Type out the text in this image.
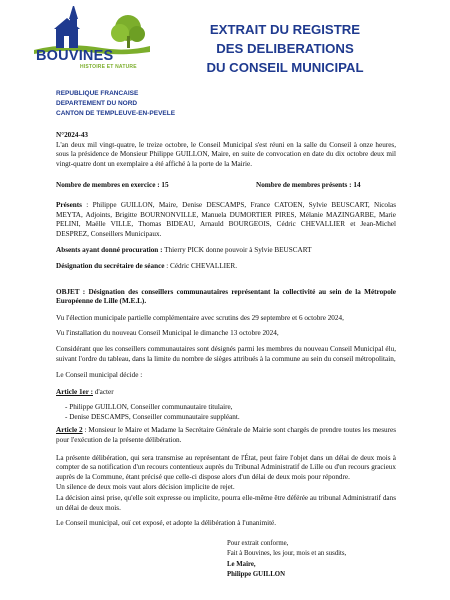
BOUVINES
HISTOIRE ET NATURE
EXTRAIT DU REGISTRE
DES DELIBERATIONS
DU CONSEIL MUNICIPAL
REPUBLIQUE FRANCAISE
DEPARTEMENT DU NORD
CANTON DE TEMPLEUVE-EN-PEVELE

N°2024-43

L'an deux mil vingt-quatre, le treize octobre, le Conseil Municipal s'est réuni en la salle du Conseil à onze heures, sous la présidence de Monsieur Philippe GUILLON, Maire, en suite de convocation en date du dix octobre deux mil vingt-quatre dont un exemplaire a été affiché à la porte de la Mairie.

Nombre de membres en exercice : 15	Nombre de membres présents : 14

Présents : Philippe GUILLON, Maire, Denise DESCAMPS, France CATOEN, Sylvie BEUSCART, Nicolas MEYTA, Adjoints, Brigitte BOURNONVILLE, Manuela DUMORTIER PIRES, Mélanie MAZINGARBE, Marie PELINI, Maëlle VILLE, Thomas BIDEAU, Arnauld BOURGEOIS, Cédric CHEVALLIER et Jean-Michel DESPREZ, Conseillers Municipaux.

Absents ayant donné procuration : Thierry PICK donne pouvoir à Sylvie BEUSCART

Désignation du secrétaire de séance : Cédric CHEVALLIER.

OBJET : Désignation des conseillers communautaires représentant la collectivité au sein de la Métropole Européenne de Lille (M.E.L).

Vu l'élection municipale partielle complémentaire avec scrutins des 29 septembre et 6 octobre 2024,

Vu l'installation du nouveau Conseil Municipal le dimanche 13 octobre 2024,

Considérant que les conseillers communautaires sont désignés parmi les membres du nouveau Conseil Municipal élu, suivant l'ordre du tableau, dans la limite du nombre de sièges attribués à la commune au sein du conseil métropolitain,

Le Conseil municipal décide :

Article 1er : d'acter

- Philippe GUILLON, Conseiller communautaire titulaire,
- Denise DESCAMPS, Conseiller communautaire suppléant.

Article 2 : Monsieur le Maire et Madame la Secrétaire Générale de Mairie sont chargés de prendre toutes les mesures pour l'exécution de la présente délibération.

La présente délibération, qui sera transmise au représentant de l'État, peut faire l'objet dans un délai de deux mois à compter de sa notification d'un recours contentieux auprès du Tribunal Administratif de Lille ou d'un recours gracieux auprès de la Commune, étant précisé que celle-ci dispose alors d'un délai de deux mois pour répondre.

Un silence de deux mois vaut alors décision implicite de rejet.

La décision ainsi prise, qu'elle soit expresse ou implicite, pourra elle-même être déférée au tribunal Administratif dans un délai de deux mois.

Le Conseil municipal, ouï cet exposé, et adopte la délibération à l'unanimité.

Pour extrait conforme,
Fait à Bouvines, les jour, mois et an susdits,
Le Maire,
Philippe GUILLON
